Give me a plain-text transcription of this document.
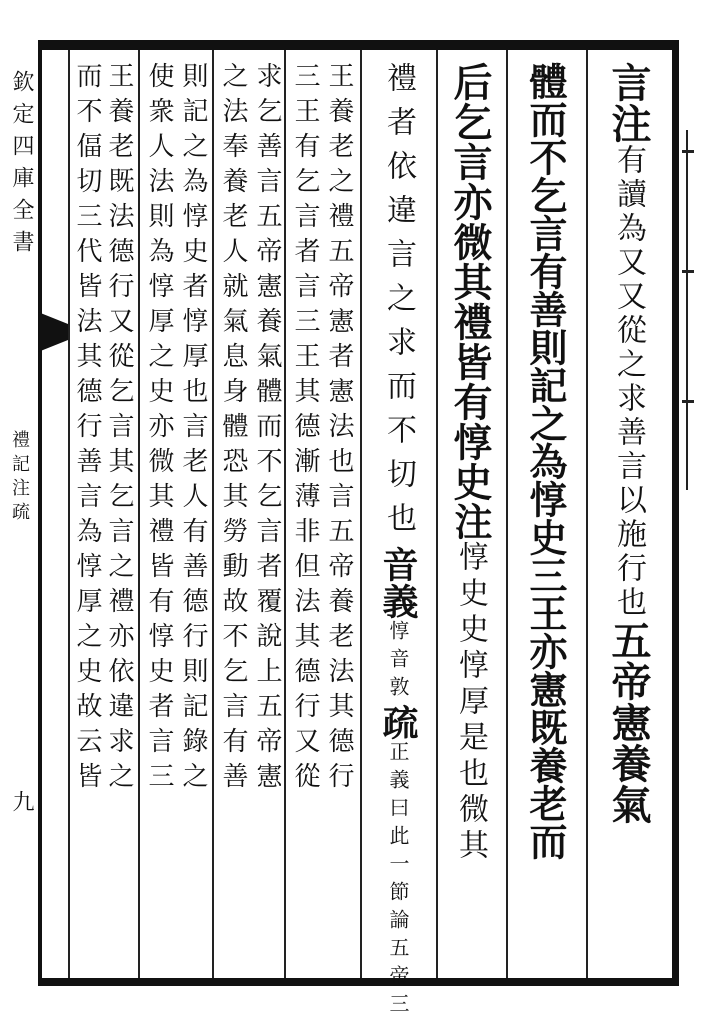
欽定四庫全書
禮記注疏
九
言注有讀為又又從之求善言以施行也五帝憲養氣
體而不乞言有善則記之為惇史三王亦憲既養老而
后乞言亦微其禮皆有惇史注惇史史惇厚是也微其
禮者依違言之求而不切也音義惇音敦疏正義曰此一節論五帝三
王養老之禮五帝憲者憲法也言五帝養老法其德行
三王有乞言者言三王其德漸薄非但法其德行又從
求乞善言五帝憲養氣體而不乞言者覆說上五帝憲
之法奉養老人就氣息身體恐其勞動故不乞言有善
則記之為惇史者惇厚也言老人有善德行則記錄之
使衆人法則為惇厚之史亦微其禮皆有惇史者言三
王養老既法德行又從乞言其乞言之禮亦依違求之
而不偪切三代皆法其德行善言為惇厚之史故云皆
